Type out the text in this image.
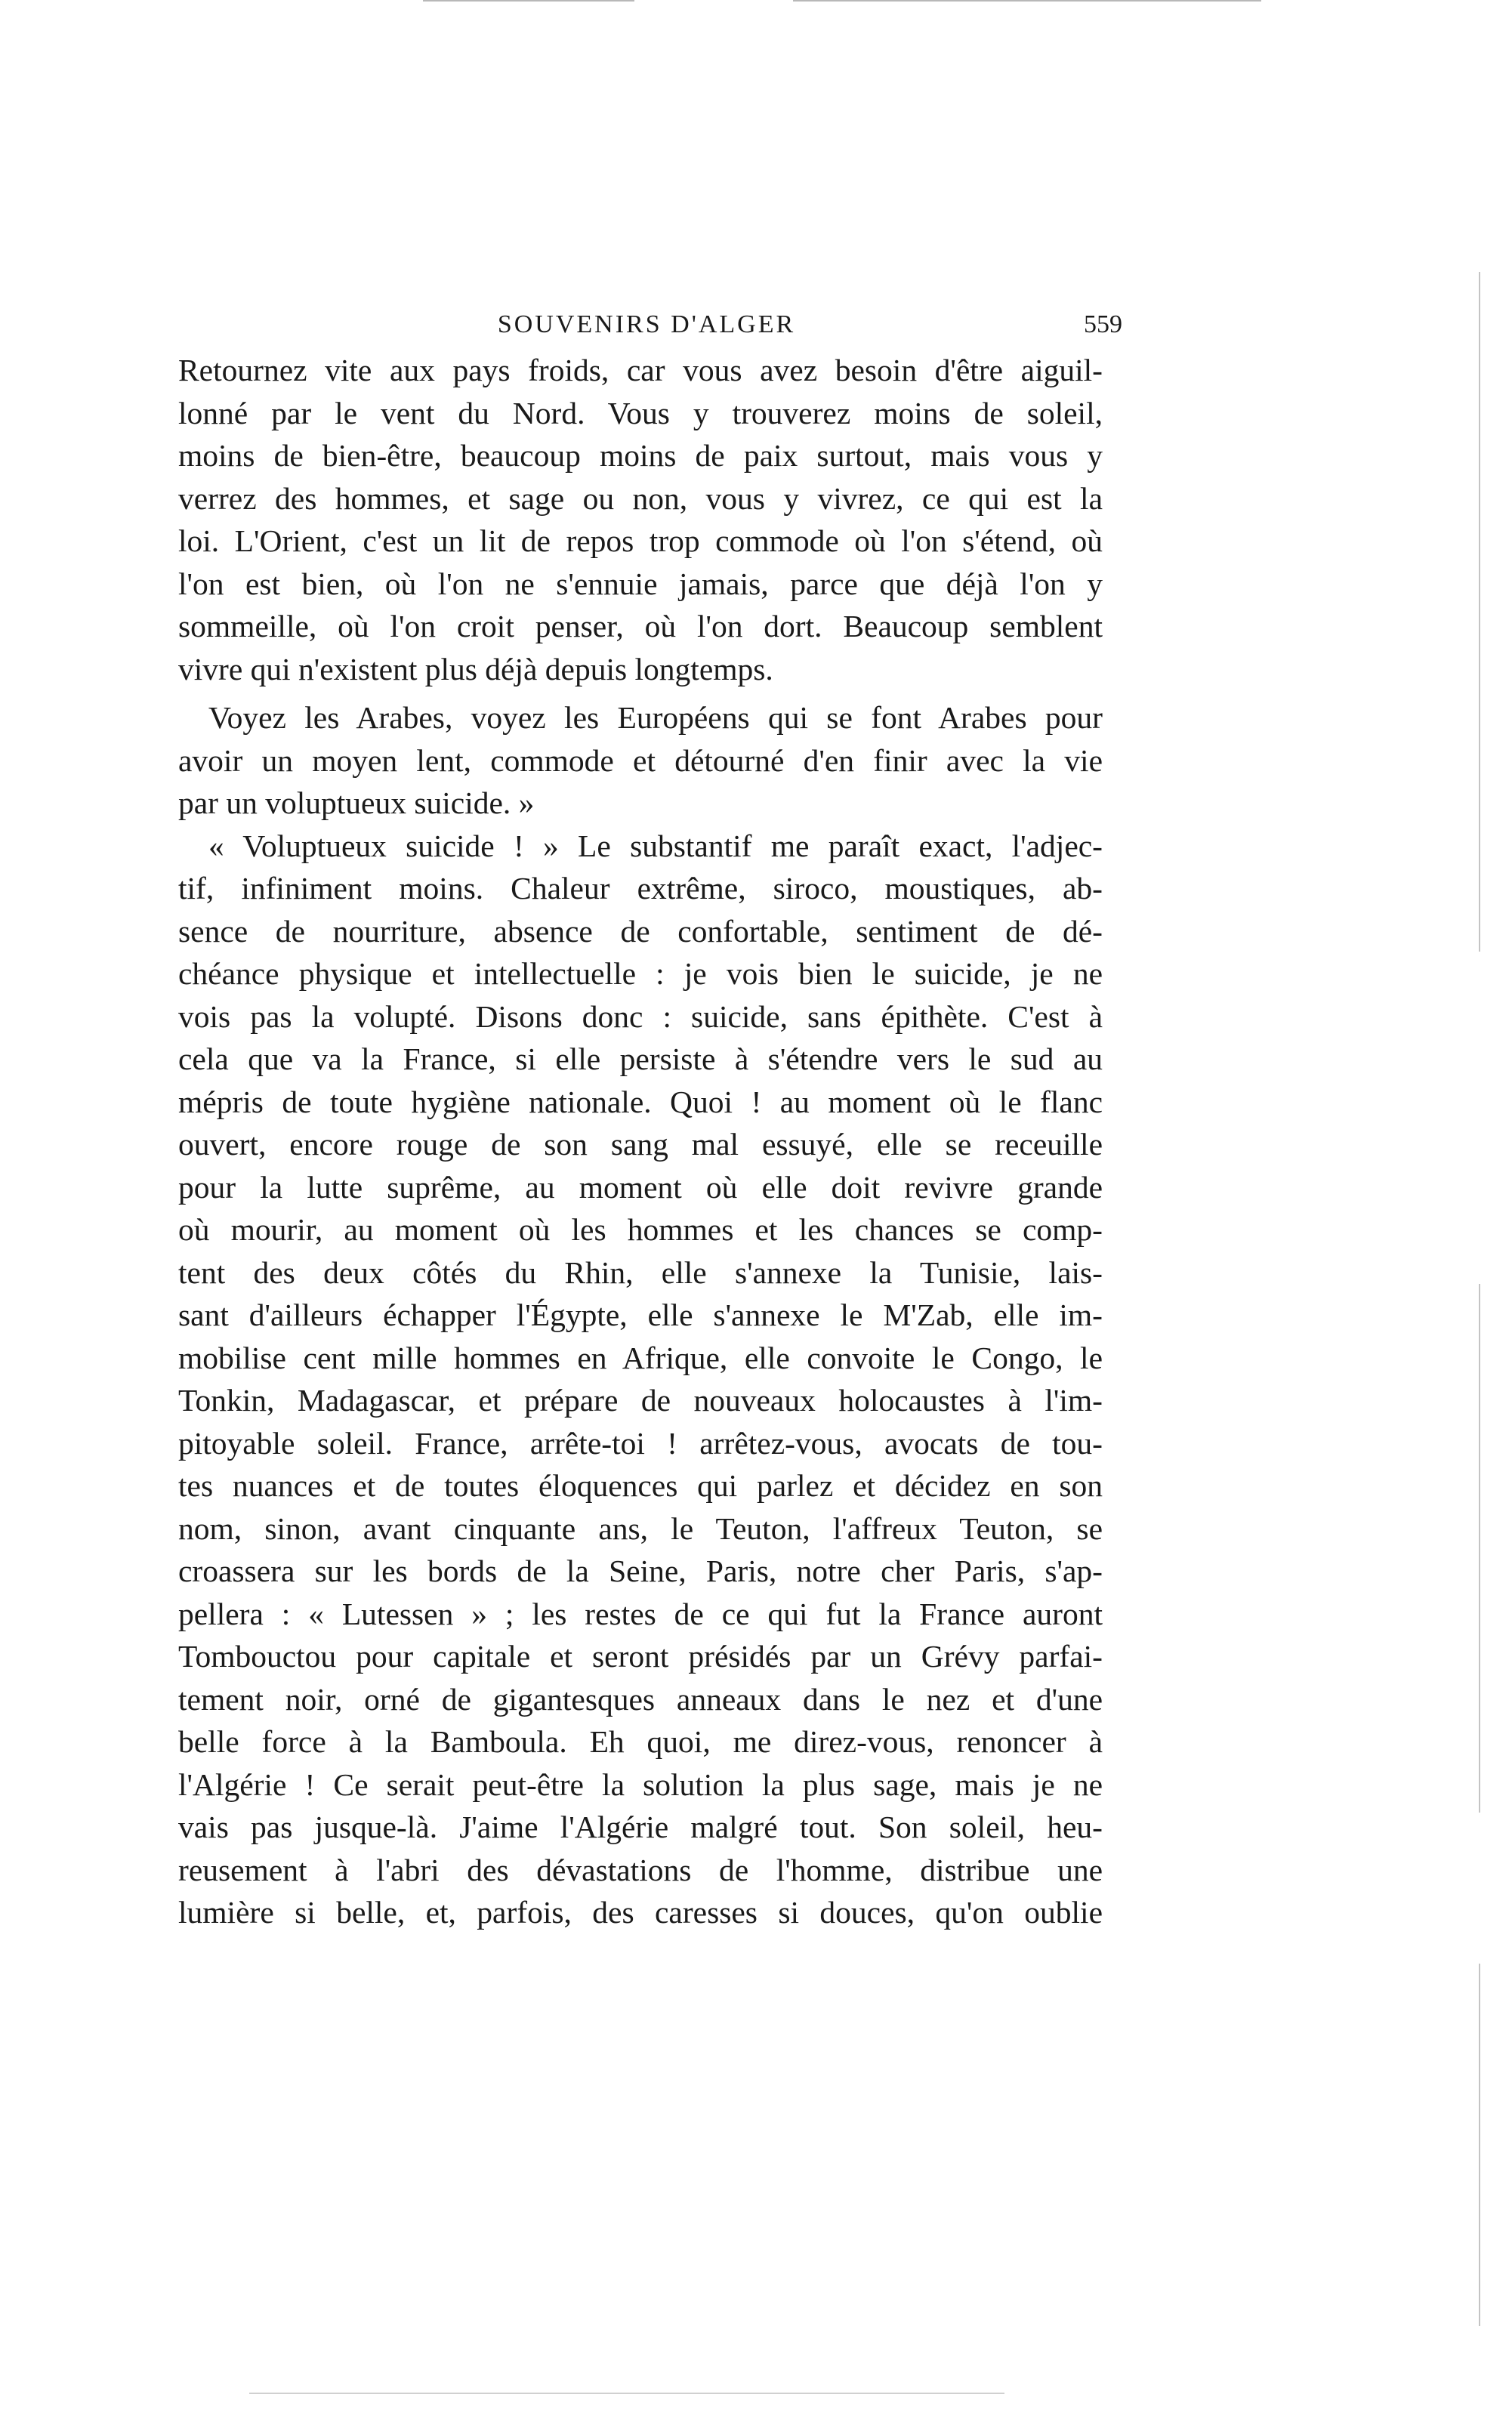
SOUVENIRS D'ALGER	559
Retournez vite aux pays froids, car vous avez besoin d'être aiguil-
lonné par le vent du Nord. Vous y trouverez moins de soleil,
moins de bien-être, beaucoup moins de paix surtout, mais vous y
verrez des hommes, et sage ou non, vous y vivrez, ce qui est la
loi. L'Orient, c'est un lit de repos trop commode où l'on s'étend, où
l'on est bien, où l'on ne s'ennuie jamais, parce que déjà l'on y
sommeille, où l'on croit penser, où l'on dort. Beaucoup semblent
vivre qui n'existent plus déjà depuis longtemps.
Voyez les Arabes, voyez les Européens qui se font Arabes pour
avoir un moyen lent, commode et détourné d'en finir avec la vie
par un voluptueux suicide. »
« Voluptueux suicide ! » Le substantif me paraît exact, l'adjec-
tif, infiniment moins. Chaleur extrême, siroco, moustiques, ab-
sence de nourriture, absence de confortable, sentiment de dé-
chéance physique et intellectuelle : je vois bien le suicide, je ne
vois pas la volupté. Disons donc : suicide, sans épithète. C'est à
cela que va la France, si elle persiste à s'étendre vers le sud au
mépris de toute hygiène nationale. Quoi ! au moment où le flanc
ouvert, encore rouge de son sang mal essuyé, elle se receuille
pour la lutte suprême, au moment où elle doit revivre grande
où mourir, au moment où les hommes et les chances se comp-
tent des deux côtés du Rhin, elle s'annexe la Tunisie, lais-
sant d'ailleurs échapper l'Égypte, elle s'annexe le M'Zab, elle im-
mobilise cent mille hommes en Afrique, elle convoite le Congo, le
Tonkin, Madagascar, et prépare de nouveaux holocaustes à l'im-
pitoyable soleil. France, arrête-toi ! arrêtez-vous, avocats de tou-
tes nuances et de toutes éloquences qui parlez et décidez en son
nom, sinon, avant cinquante ans, le Teuton, l'affreux Teuton, se
croassera sur les bords de la Seine, Paris, notre cher Paris, s'ap-
pellera : « Lutessen » ; les restes de ce qui fut la France auront
Tombouctou pour capitale et seront présidés par un Grévy parfai-
tement noir, orné de gigantesques anneaux dans le nez et d'une
belle force à la Bamboula. Eh quoi, me direz-vous, renoncer à
l'Algérie ! Ce serait peut-être la solution la plus sage, mais je ne
vais pas jusque-là. J'aime l'Algérie malgré tout. Son soleil, heu-
reusement à l'abri des dévastations de l'homme, distribue une
lumière si belle, et, parfois, des caresses si douces, qu'on oublie
